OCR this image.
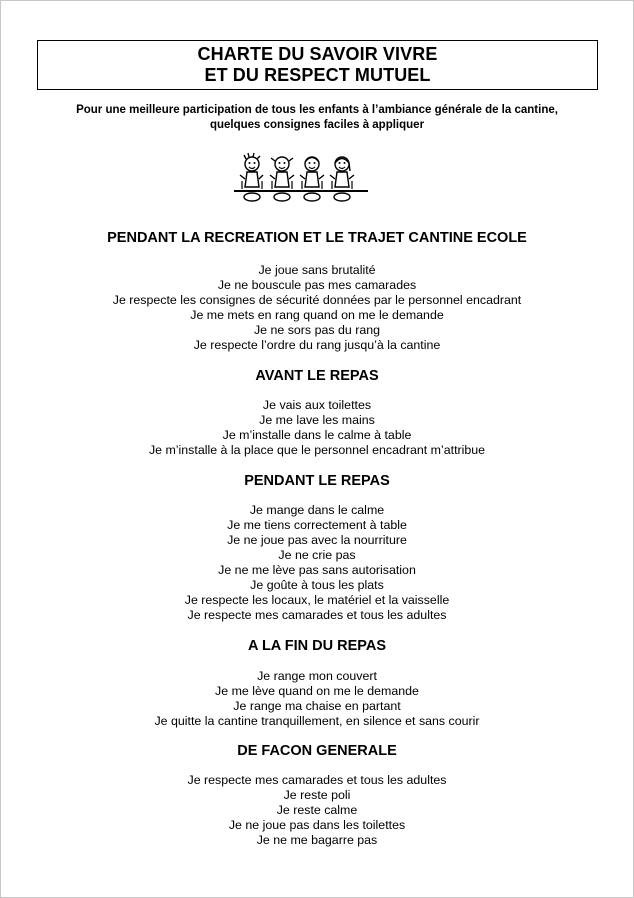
CHARTE DU SAVOIR VIVRE
ET DU RESPECT MUTUEL
Pour une meilleure participation de tous les enfants à l’ambiance générale de la cantine,
quelques consignes faciles à appliquer
PENDANT LA RECREATION ET LE TRAJET CANTINE ECOLE
Je joue sans brutalité
Je ne bouscule pas mes camarades
Je respecte les consignes de sécurité données par le personnel encadrant
Je me mets en rang quand on me le demande
Je ne sors pas du rang
Je respecte l’ordre du rang jusqu’à la cantine
AVANT LE REPAS
Je vais aux toilettes
Je me lave les mains
Je m’installe dans le calme à table
Je m’installe à la place que le personnel encadrant m’attribue
PENDANT LE REPAS
Je mange dans le calme
Je me tiens correctement à table
Je ne joue pas avec la nourriture
Je ne crie pas
Je ne me lève pas sans autorisation
Je goûte à tous les plats
Je respecte les locaux, le matériel et la vaisselle
Je respecte mes camarades et tous les adultes
A LA FIN DU REPAS
Je range mon couvert
Je me lève quand on me le demande
Je range ma chaise en partant
Je quitte la cantine tranquillement, en silence et sans courir
DE FACON GENERALE
Je respecte mes camarades et tous les adultes
Je reste poli
Je reste calme
Je ne joue pas dans les toilettes
Je ne me bagarre pas
